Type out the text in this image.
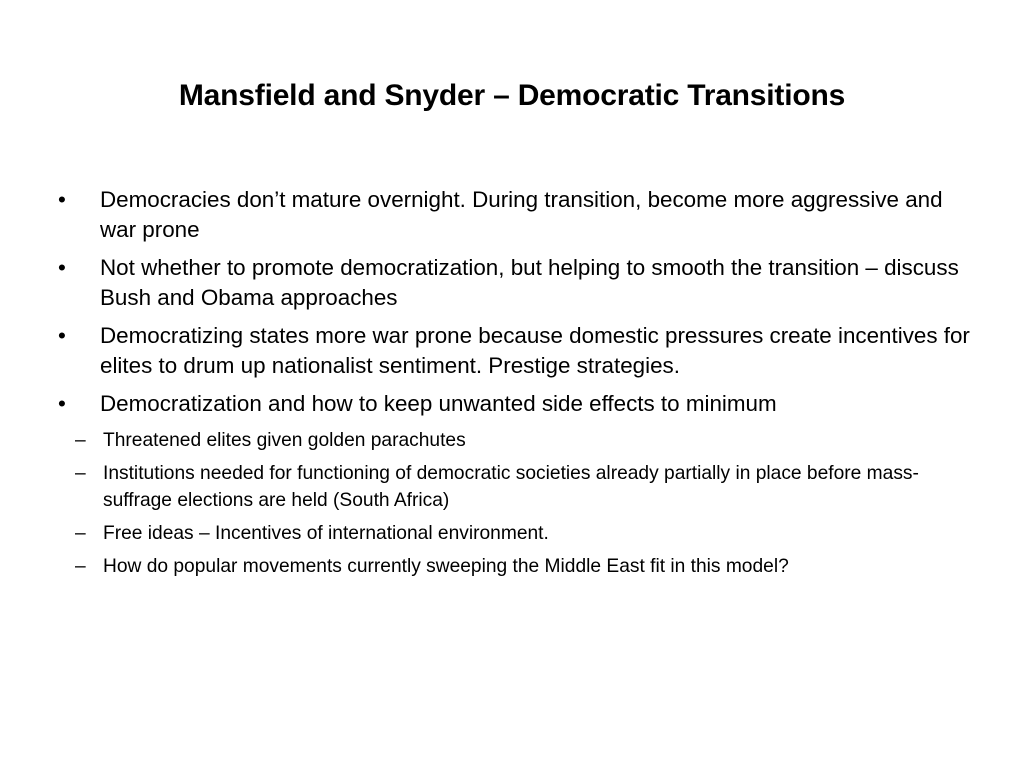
Mansfield and Snyder – Democratic Transitions
•	Democracies don’t mature overnight. During transition, become more aggressive and war prone
•	Not whether to promote democratization, but helping to smooth the transition – discuss Bush and Obama approaches
•	Democratizing states more war prone because domestic pressures create incentives for elites to drum up nationalist sentiment. Prestige strategies.
•	Democratization and how to keep unwanted side effects to minimum
– Threatened elites given golden parachutes
– Institutions needed for functioning of democratic societies already partially in place before mass-suffrage elections are held (South Africa)
– Free ideas – Incentives of international environment.
– How do popular movements currently sweeping the Middle East fit in this model?
